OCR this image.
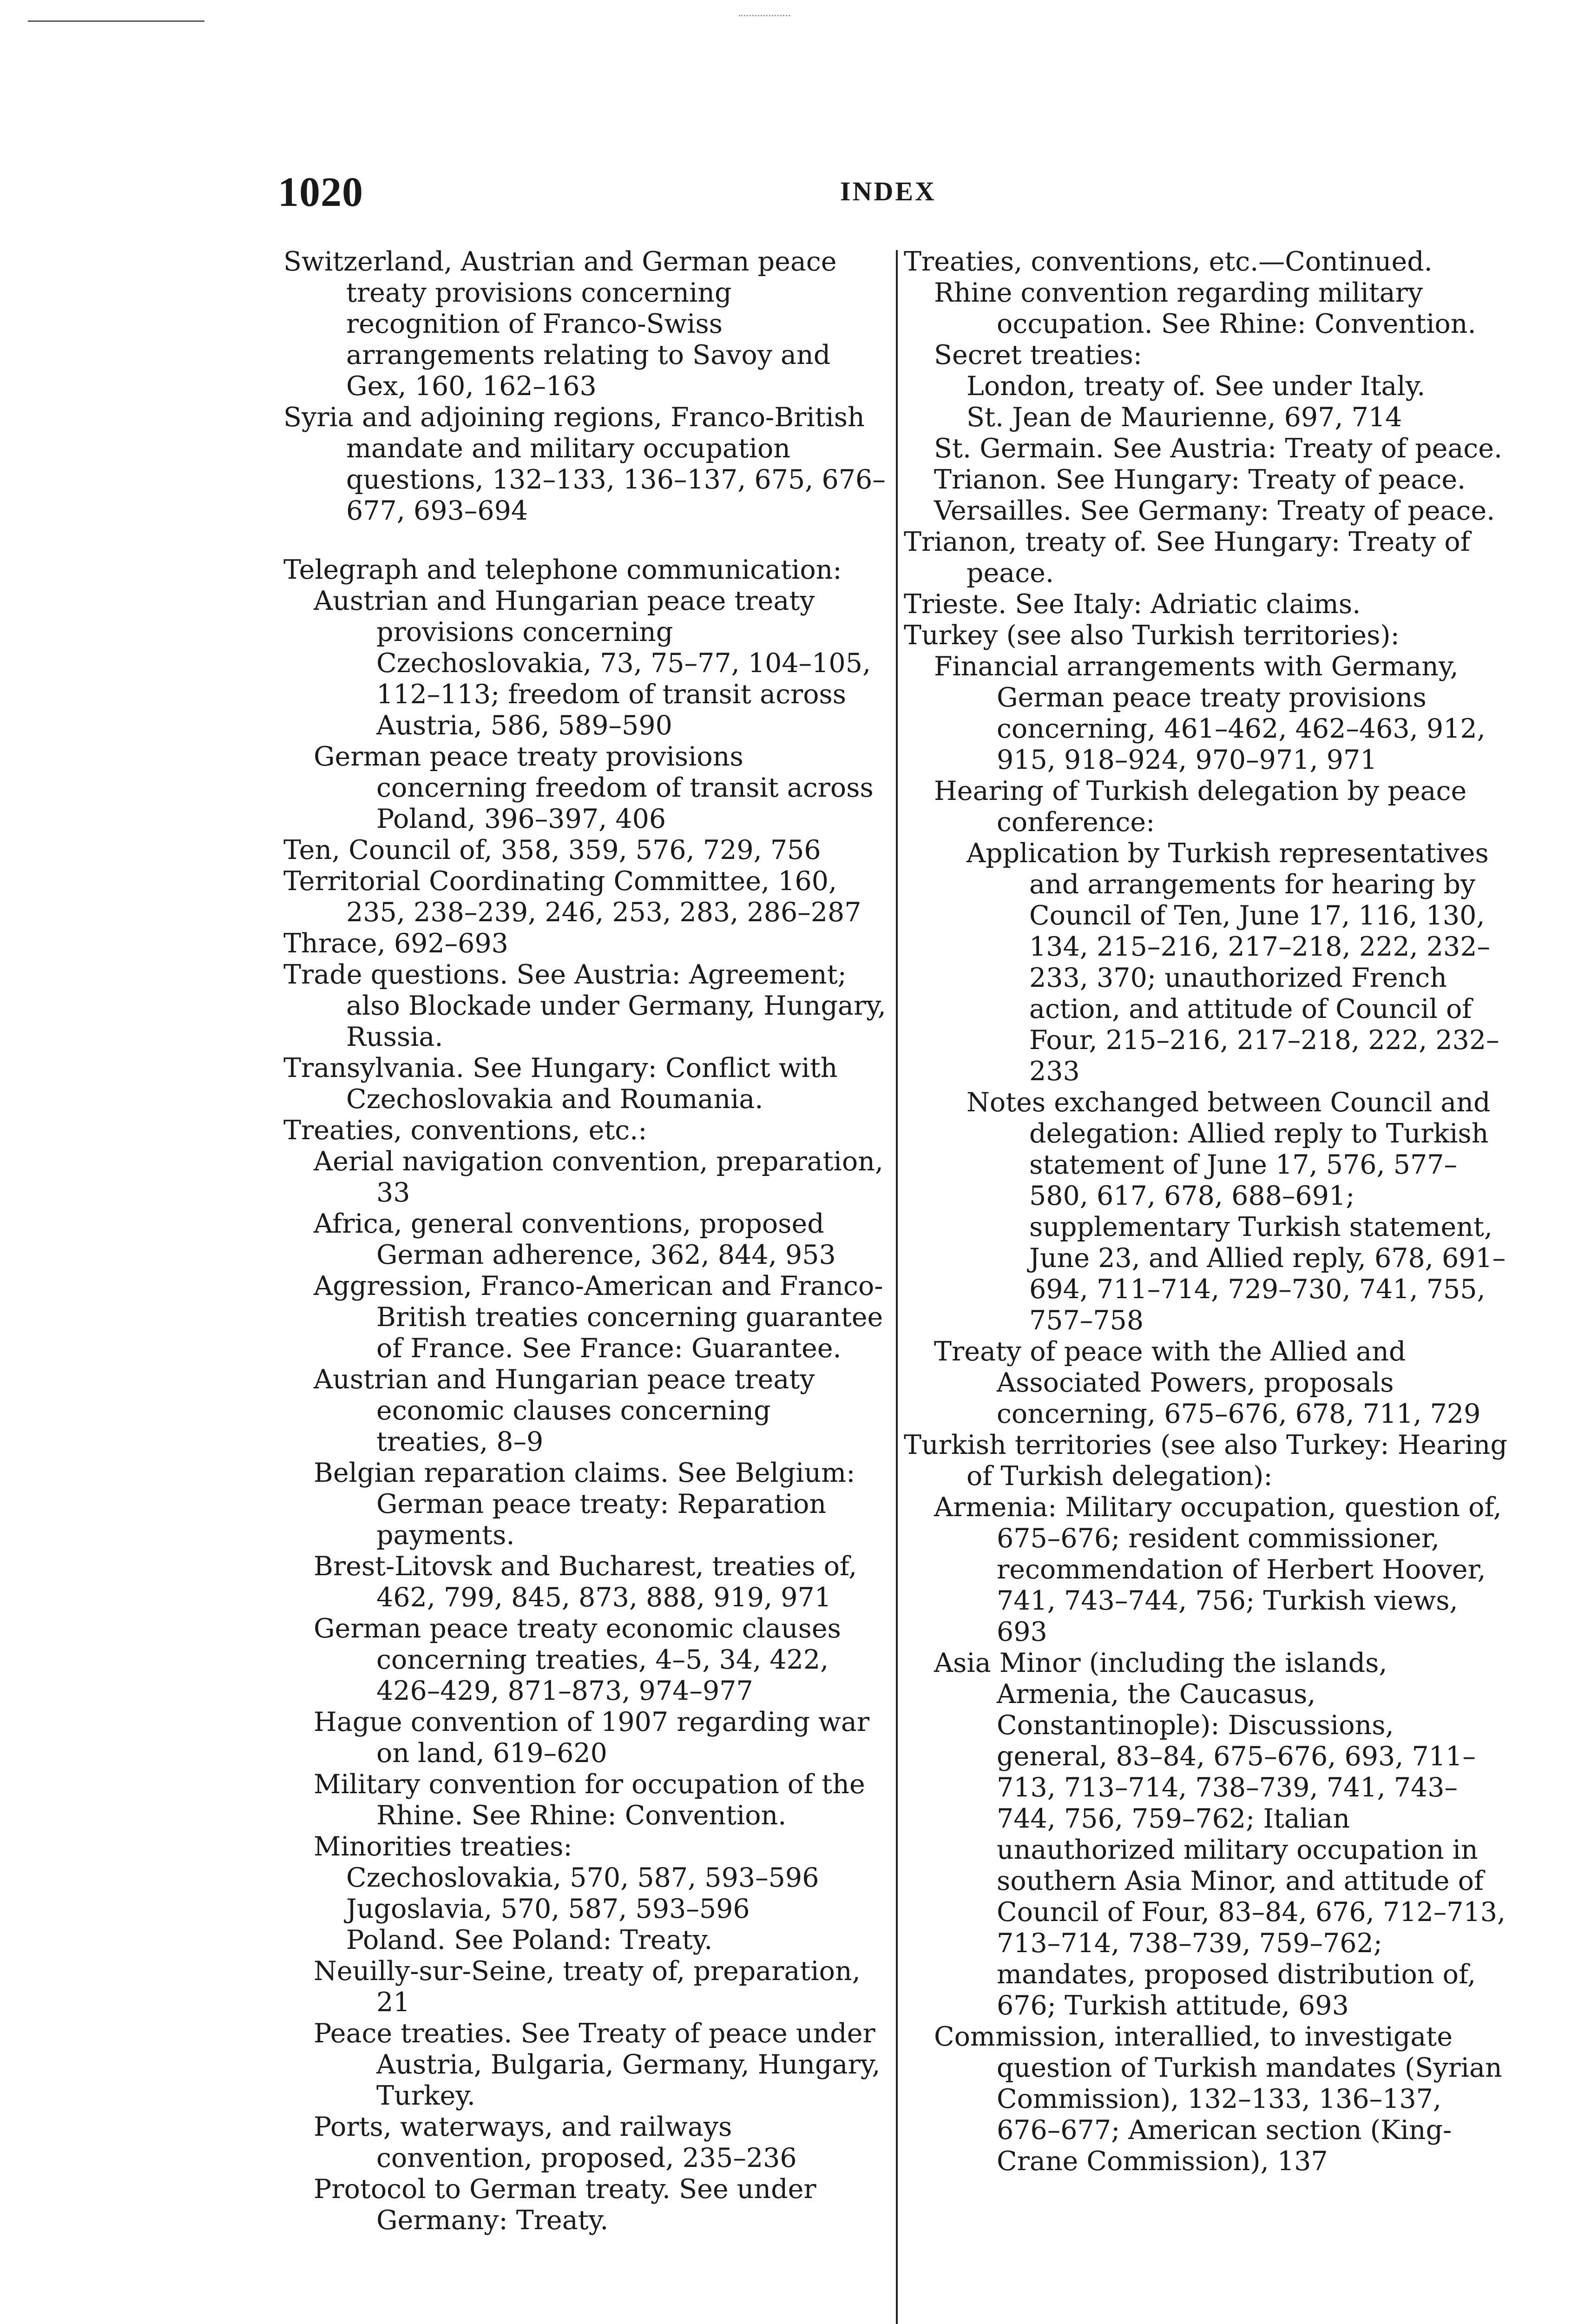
1020	INDEX

Switzerland, Austrian and German peace treaty provisions concerning recognition of Franco-Swiss arrangements relating to Savoy and Gex, 160, 162–163

Syria and adjoining regions, Franco-British mandate and military occupation questions, 132–133, 136–137, 675, 676–677, 693–694

Telegraph and telephone communication:

Austrian and Hungarian peace treaty provisions concerning Czechoslovakia, 73, 75–77, 104–105, 112–113; freedom of transit across Austria, 586, 589–590

German peace treaty provisions concerning freedom of transit across Poland, 396–397, 406

Ten, Council of, 358, 359, 576, 729, 756

Territorial Coordinating Committee, 160, 235, 238–239, 246, 253, 283, 286–287

Thrace, 692–693

Trade questions. See Austria: Agreement; also Blockade under Germany, Hungary, Russia.

Transylvania. See Hungary: Conflict with Czechoslovakia and Roumania.

Treaties, conventions, etc.:

Aerial navigation convention, preparation, 33

Africa, general conventions, proposed German adherence, 362, 844, 953

Aggression, Franco-American and Franco-British treaties concerning guarantee of France. See France: Guarantee.

Austrian and Hungarian peace treaty economic clauses concerning treaties, 8–9

Belgian reparation claims. See Belgium: German peace treaty: Reparation payments.

Brest-Litovsk and Bucharest, treaties of, 462, 799, 845, 873, 888, 919, 971

German peace treaty economic clauses concerning treaties, 4–5, 34, 422, 426–429, 871–873, 974–977

Hague convention of 1907 regarding war on land, 619–620

Military convention for occupation of the Rhine. See Rhine: Convention.

Minorities treaties:

Czechoslovakia, 570, 587, 593–596

Jugoslavia, 570, 587, 593–596

Poland. See Poland: Treaty.

Neuilly-sur-Seine, treaty of, preparation, 21

Peace treaties. See Treaty of peace under Austria, Bulgaria, Germany, Hungary, Turkey.

Ports, waterways, and railways convention, proposed, 235–236

Protocol to German treaty. See under Germany: Treaty.

Treaties, conventions, etc.—Continued.

Rhine convention regarding military occupation. See Rhine: Convention.

Secret treaties:

London, treaty of. See under Italy.

St. Jean de Maurienne, 697, 714

St. Germain. See Austria: Treaty of peace.

Trianon. See Hungary: Treaty of peace.

Versailles. See Germany: Treaty of peace.

Trianon, treaty of. See Hungary: Treaty of peace.

Trieste. See Italy: Adriatic claims.

Turkey (see also Turkish territories):

Financial arrangements with Germany, German peace treaty provisions concerning, 461–462, 462–463, 912, 915, 918–924, 970–971, 971

Hearing of Turkish delegation by peace conference:

Application by Turkish representatives and arrangements for hearing by Council of Ten, June 17, 116, 130, 134, 215–216, 217–218, 222, 232–233, 370; unauthorized French action, and attitude of Council of Four, 215–216, 217–218, 222, 232–233

Notes exchanged between Council and delegation: Allied reply to Turkish statement of June 17, 576, 577–580, 617, 678, 688–691; supplementary Turkish statement, June 23, and Allied reply, 678, 691–694, 711–714, 729–730, 741, 755, 757–758

Treaty of peace with the Allied and Associated Powers, proposals concerning, 675–676, 678, 711, 729

Turkish territories (see also Turkey: Hearing of Turkish delegation):

Armenia: Military occupation, question of, 675–676; resident commissioner, recommendation of Herbert Hoover, 741, 743–744, 756; Turkish views, 693

Asia Minor (including the islands, Armenia, the Caucasus, Constantinople): Discussions, general, 83–84, 675–676, 693, 711–713, 713–714, 738–739, 741, 743–744, 756, 759–762; Italian unauthorized military occupation in southern Asia Minor, and attitude of Council of Four, 83–84, 676, 712–713, 713–714, 738–739, 759–762; mandates, proposed distribution of, 676; Turkish attitude, 693

Commission, interallied, to investigate question of Turkish mandates (Syrian Commission), 132–133, 136–137, 676–677; American section (King-Crane Commission), 137
